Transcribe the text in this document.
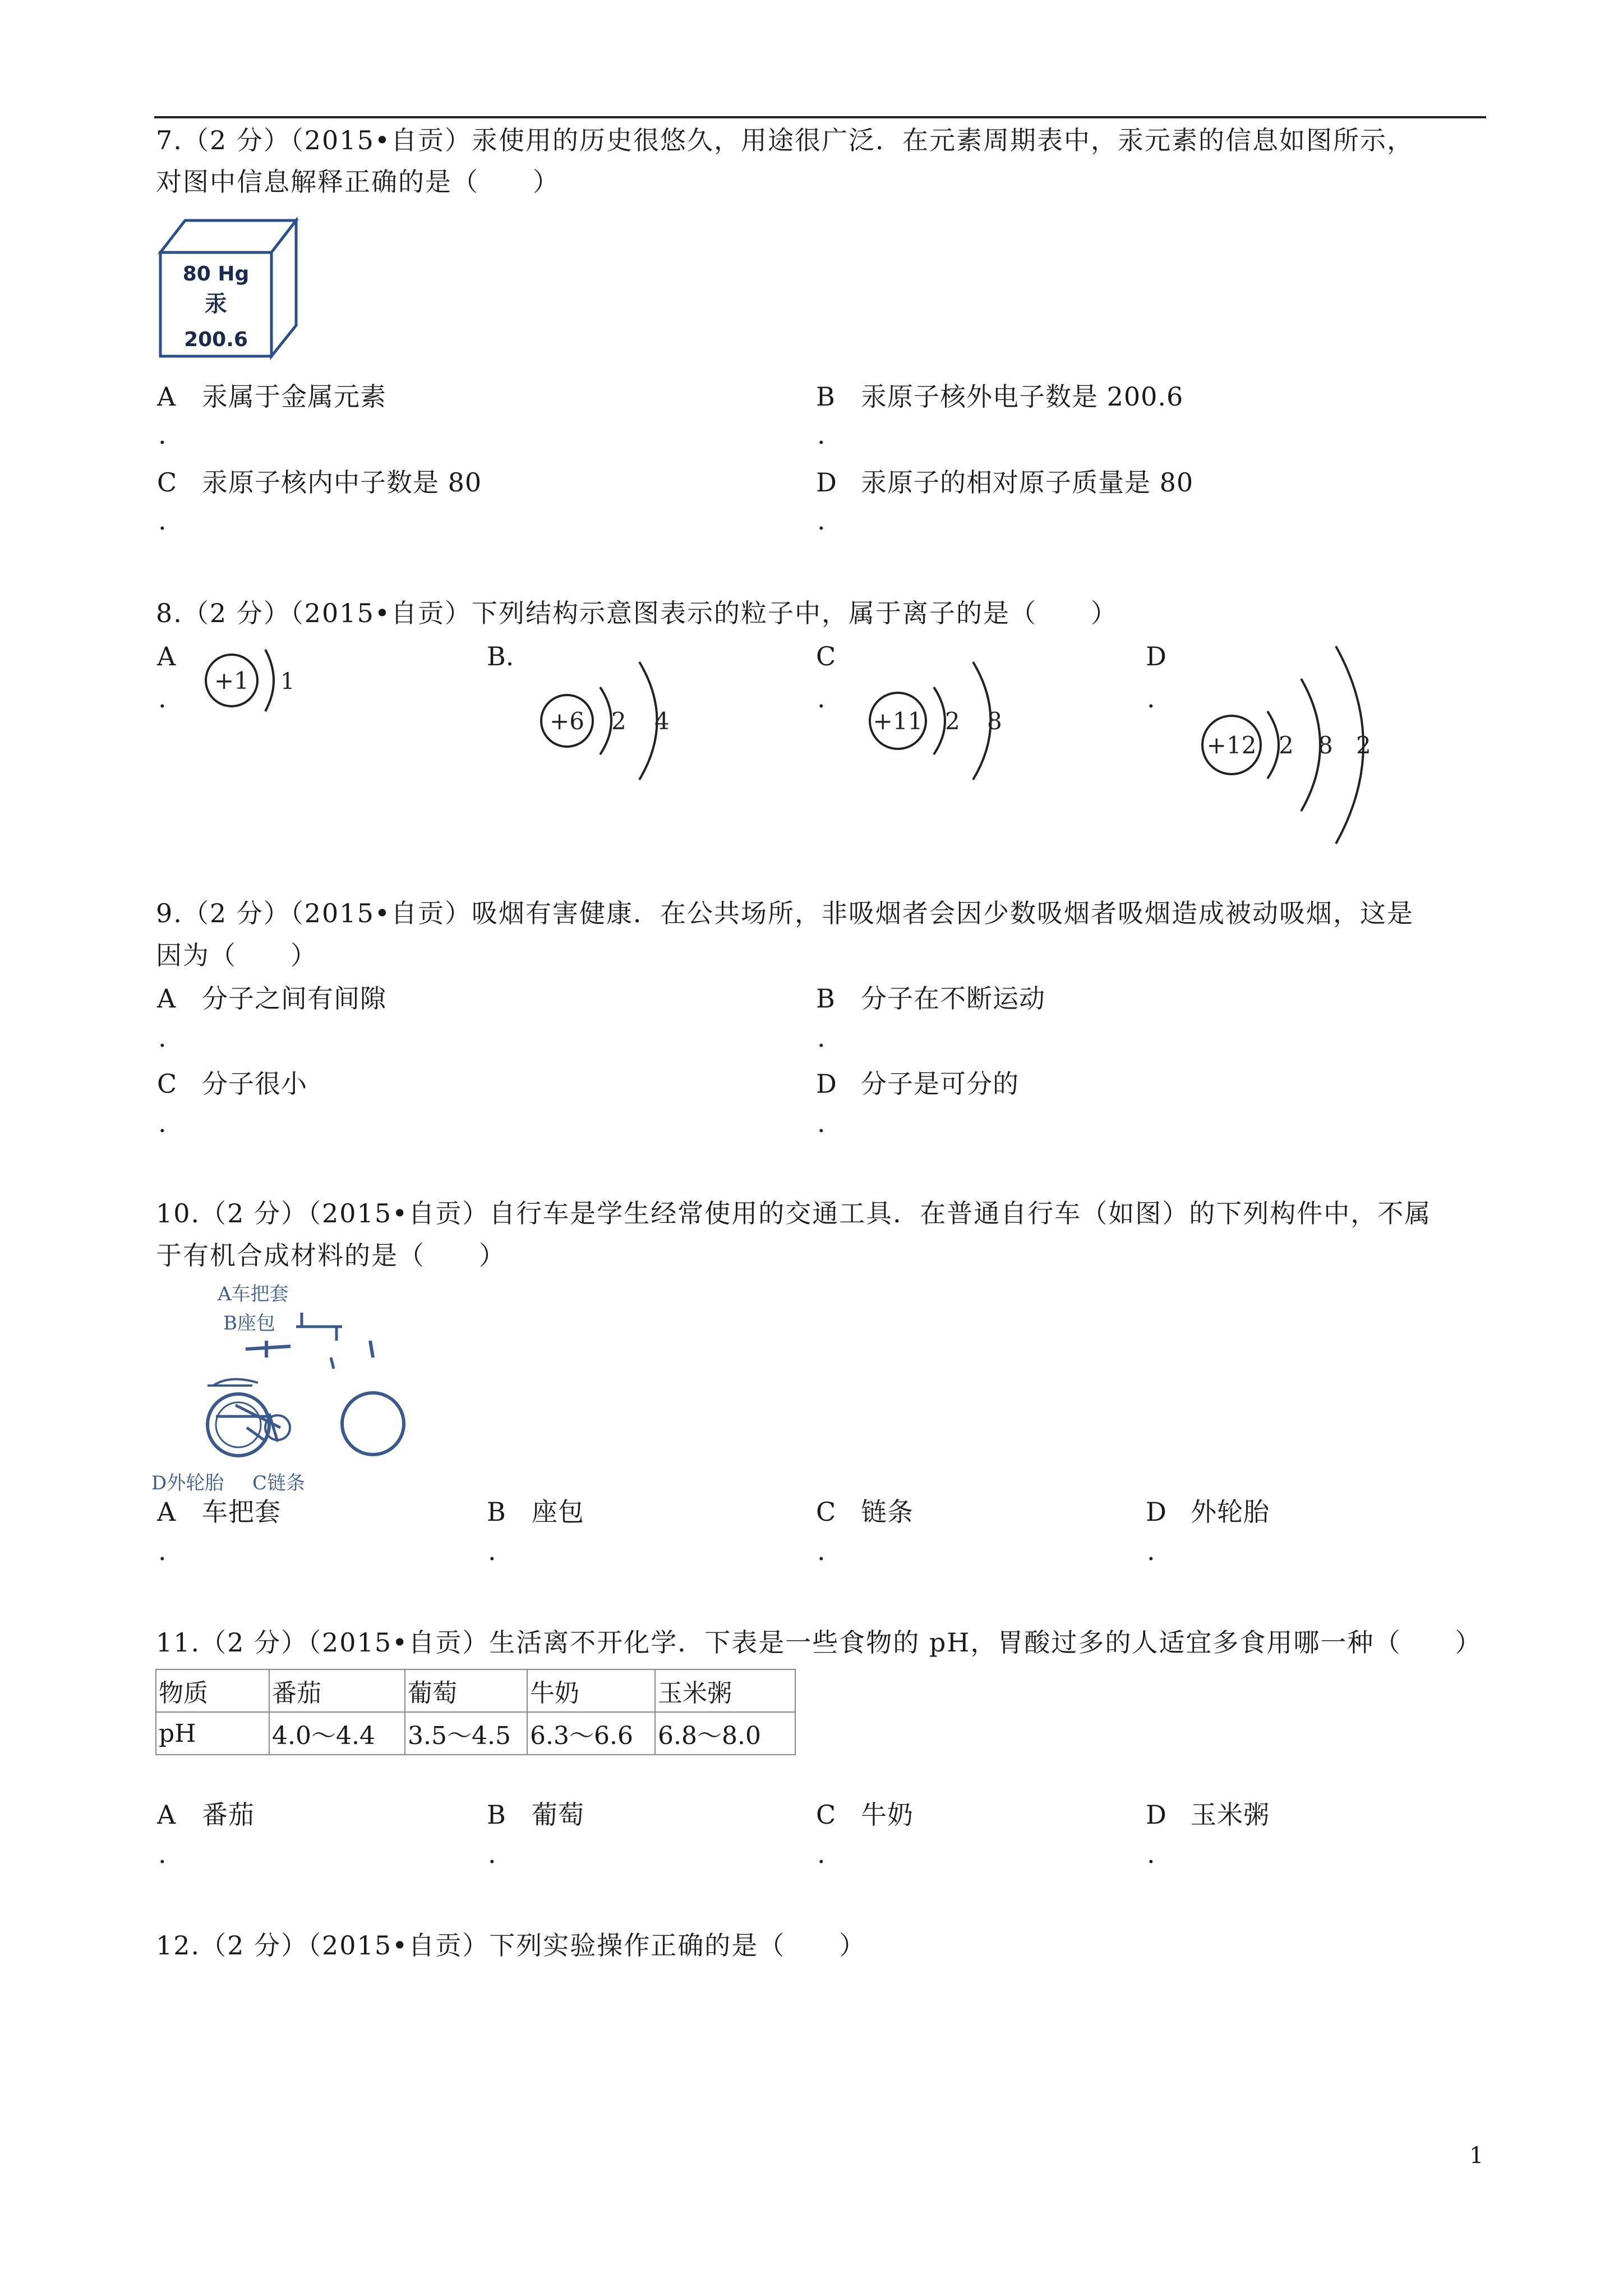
7.（2 分）（2015•自贡）汞使用的历史很悠久，用途很广泛．在元素周期表中，汞元素的信息如图所示，
对图中信息解释正确的是（　　）
80 Hg
汞
200.6
A 汞属于金属元素
.
B 汞原子核外电子数是 200.6
.
C 汞原子核内中子数是 80
.
D 汞原子的相对原子质量是 80
.
8.（2 分）（2015•自贡）下列结构示意图表示的粒子中，属于离子的是（　　）
A
.
+1 1
B.
+6 2 4
C
.
+11 2 8
D
.
+12 2 8 2
9.（2 分）（2015•自贡）吸烟有害健康．在公共场所，非吸烟者会因少数吸烟者吸烟造成被动吸烟，这是
因为（　　）
A 分子之间有间隙
.
B 分子在不断运动
.
C 分子很小
.
D 分子是可分的
.
10.（2 分）（2015•自贡）自行车是学生经常使用的交通工具．在普通自行车（如图）的下列构件中，不属
于有机合成材料的是（　　）
A车把套
B座包
D外轮胎 C链条
A 车把套
.
B 座包
.
C 链条
.
D 外轮胎
.
11.（2 分）（2015•自贡）生活离不开化学．下表是一些食物的 pH，胃酸过多的人适宜多食用哪一种（　　）
物质	番茄	葡萄	牛奶	玉米粥
pH	4.0～4.4	3.5～4.5	6.3～6.6	6.8～8.0
A 番茄
.
B 葡萄
.
C 牛奶
.
D 玉米粥
.
12.（2 分）（2015•自贡）下列实验操作正确的是（　　）
1
